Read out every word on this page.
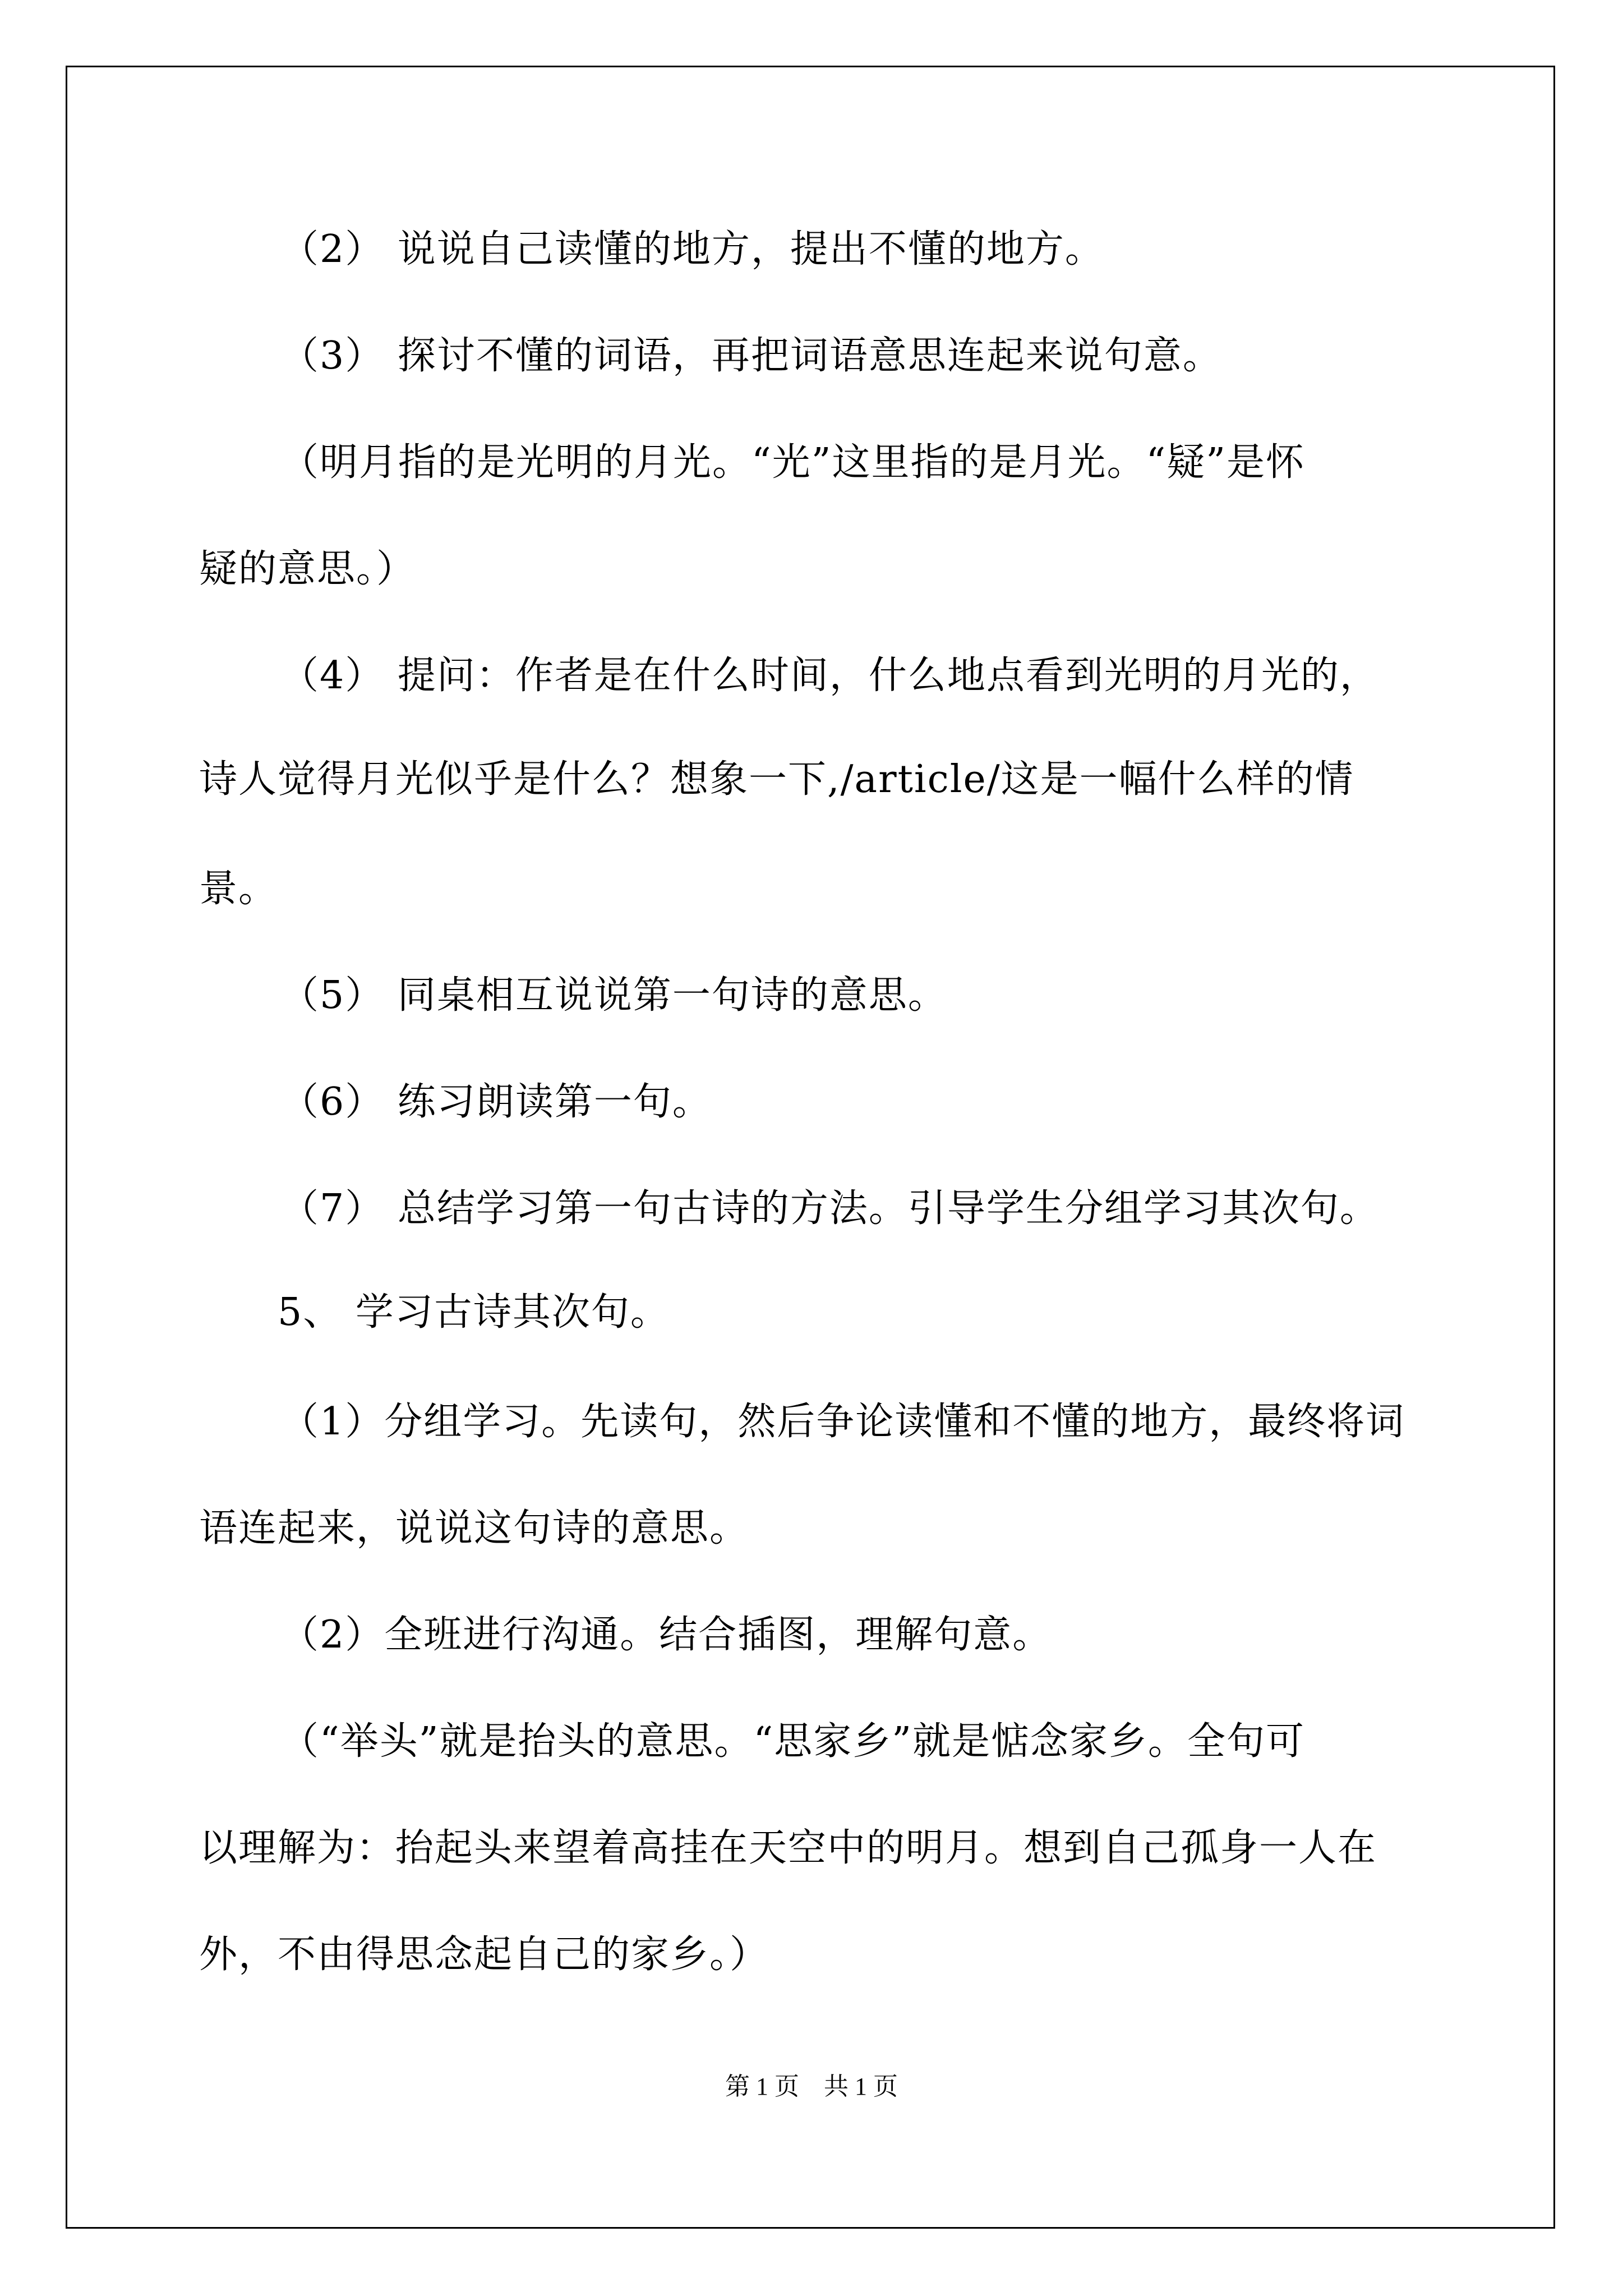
（2） 说说自己读懂的地方，提出不懂的地方。
（3） 探讨不懂的词语，再把词语意思连起来说句意。
（明月指的是光明的月光。“光”这里指的是月光。“疑”是怀
疑的意思。）
（4） 提问：作者是在什么时间，什么地点看到光明的月光的，
诗人觉得月光似乎是什么？想象一下,/article/这是一幅什么样的情
景。
（5） 同桌相互说说第一句诗的意思。
（6） 练习朗读第一句。
（7） 总结学习第一句古诗的方法。引导学生分组学习其次句。
5、 学习古诗其次句。
（1）分组学习。先读句，然后争论读懂和不懂的地方，最终将词
语连起来，说说这句诗的意思。
（2）全班进行沟通。结合插图，理解句意。
（“举头”就是抬头的意思。“思家乡”就是惦念家乡。全句可
以理解为：抬起头来望着高挂在天空中的明月。想到自己孤身一人在
外，不由得思念起自己的家乡。）
第 1 页　共 1 页
